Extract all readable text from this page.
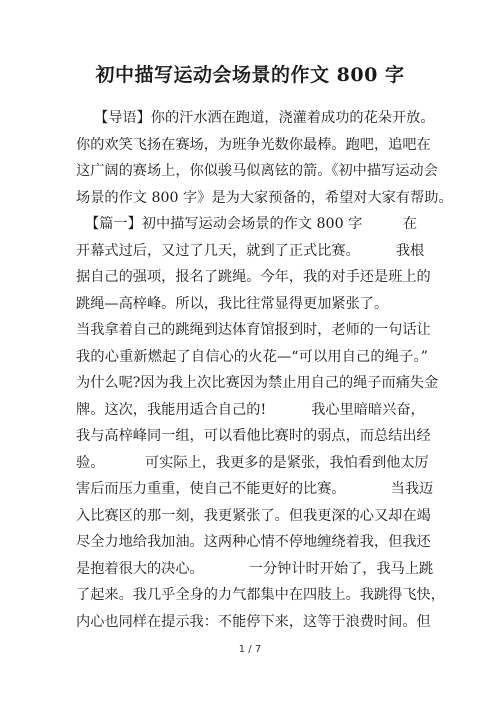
初中描写运动会场景的作文 800 字
【导语】你的汗水洒在跑道，浇灌着成功的花朵开放。
你的欢笑飞扬在赛场，为班争光数你最棒。跑吧，追吧在
这广阔的赛场上，你似骏马似离铉的箭。《初中描写运动会
场景的作文 800 字》是为大家预备的，希望对大家有帮助。
【篇一】初中描写运动会场景的作文 800 字         在
开幕式过后，又过了几天，就到了正式比赛。        我根
据自己的强项，报名了跳绳。今年，我的对手还是班上的
跳绳—高梓峰。所以，我比往常显得更加紧张了。
当我拿着自己的跳绳到达体育馆报到时，老师的一句话让
我的心重新燃起了自信心的火花—“可以用自己的绳子。”
为什么呢?因为我上次比赛因为禁止用自己的绳子而痛失金
牌。这次，我能用适合自己的!          我心里暗暗兴奋，
我与高梓峰同一组，可以看他比赛时的弱点，而总结出经
验。         可实际上，我更多的是紧张，我怕看到他太厉
害后而压力重重，使自己不能更好的比赛。          当我迈
入比赛区的那一刻，我更紧张了。但我更深的心又却在竭
尽全力地给我加油。这两种心情不停地缠绕着我，但我还
是抱着很大的决心。          一分钟计时开始了，我马上跳
了起来。我几乎全身的力气都集中在四肢上。我跳得飞快，
内心也同样在提示我：不能停下来，这等于浪费时间。但
1 / 7
